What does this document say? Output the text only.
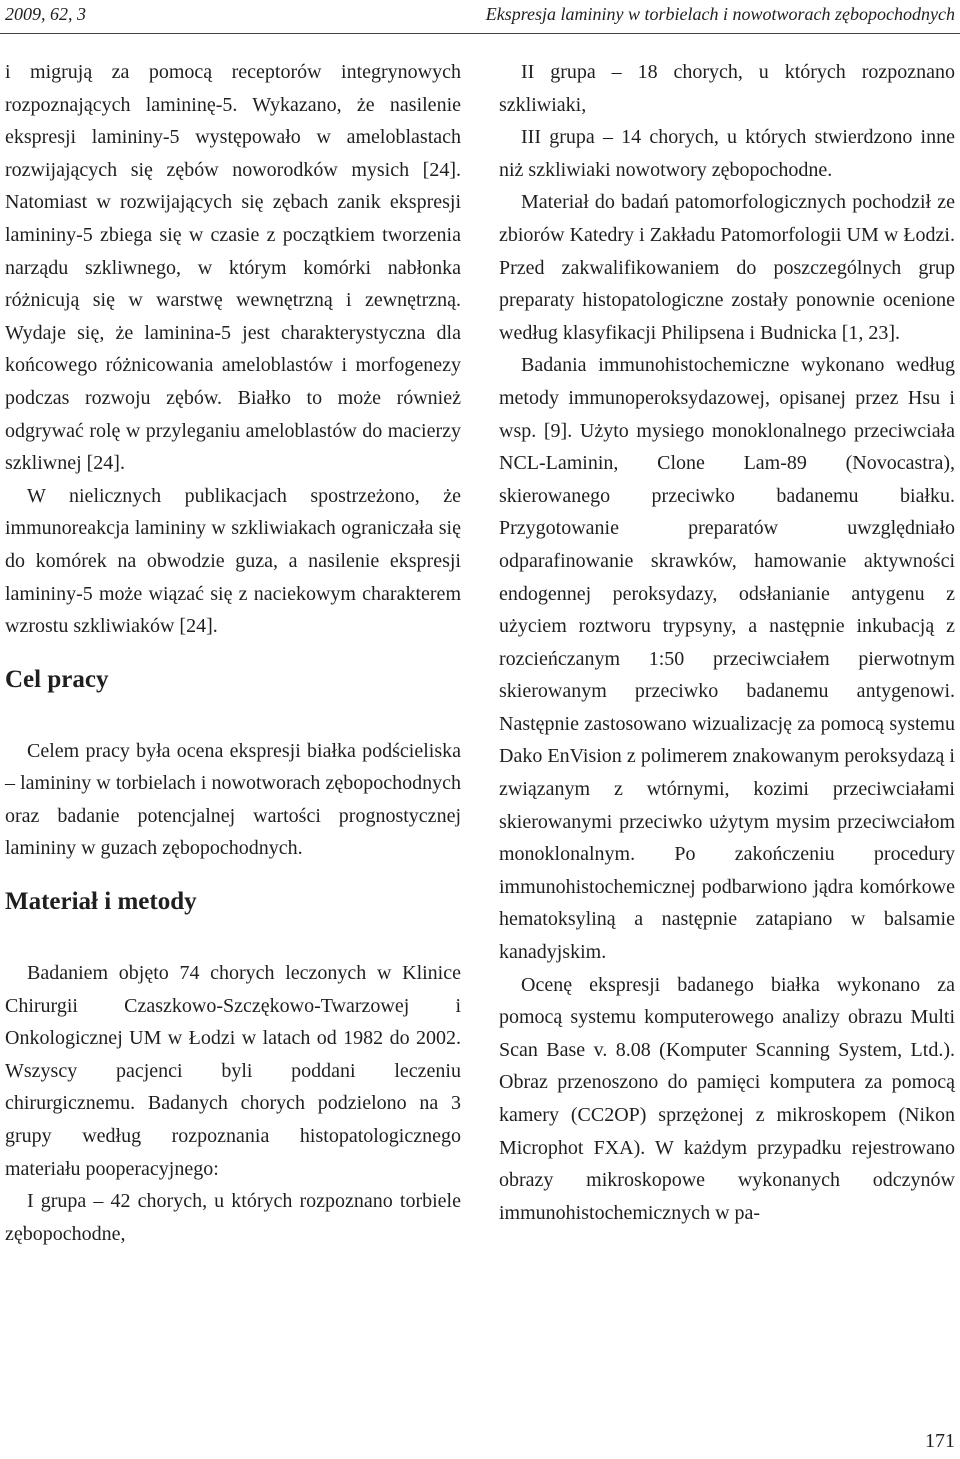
2009, 62, 3	Ekspresja lamininy w torbielach i nowotworach zębopochodnych

i migrują za pomocą receptorów integrynowych rozpoznających lamininę-5. Wykazano, że nasilenie ekspresji lamininy-5 występowało w ameloblastach rozwijających się zębów noworodków mysich [24]. Natomiast w rozwijających się zębach zanik ekspresji lamininy-5 zbiega się w czasie z początkiem tworzenia narządu szkliwnego, w którym komórki nabłonka różnicują się w warstwę wewnętrzną i zewnętrzną. Wydaje się, że laminina-5 jest charakterystyczna dla końcowego różnicowania ameloblastów i morfogenezy podczas rozwoju zębów. Białko to może również odgrywać rolę w przyleganiu ameloblastów do macierzy szkliwnej [24].

W nielicznych publikacjach spostrzeżono, że immunoreakcja lamininy w szkliwiakach ograniczała się do komórek na obwodzie guza, a nasilenie ekspresji lamininy-5 może wiązać się z naciekowym charakterem wzrostu szkliwiaków [24].

Cel pracy

Celem pracy była ocena ekspresji białka podścieliska – lamininy w torbielach i nowotworach zębopochodnych oraz badanie potencjalnej wartości prognostycznej lamininy w guzach zębopochodnych.

Materiał i metody

Badaniem objęto 74 chorych leczonych w Klinice Chirurgii Czaszkowo-Szczękowo-Twarzowej i Onkologicznej UM w Łodzi w latach od 1982 do 2002. Wszyscy pacjenci byli poddani leczeniu chirurgicznemu. Badanych chorych podzielono na 3 grupy według rozpoznania histopatologicznego materiału pooperacyjnego:

I grupa – 42 chorych, u których rozpoznano torbiele zębopochodne,

II grupa – 18 chorych, u których rozpoznano szkliwiaki,

III grupa – 14 chorych, u których stwierdzono inne niż szkliwiaki nowotwory zębopochodne.

Materiał do badań patomorfologicznych pochodził ze zbiorów Katedry i Zakładu Patomorfologii UM w Łodzi. Przed zakwalifikowaniem do poszczególnych grup preparaty histopatologiczne zostały ponownie ocenione według klasyfikacji Philipsena i Budnicka [1, 23].

Badania immunohistochemiczne wykonano według metody immunoperoksydazowej, opisanej przez Hsu i wsp. [9]. Użyto mysiego monoklonalnego przeciwciała NCL-Laminin, Clone Lam-89 (Novocastra), skierowanego przeciwko badanemu białku. Przygotowanie preparatów uwzględniało odparafinowanie skrawków, hamowanie aktywności endogennej peroksydazy, odsłanianie antygenu z użyciem roztworu trypsyny, a następnie inkubacją z rozcieńczanym 1:50 przeciwciałem pierwotnym skierowanym przeciwko badanemu antygenowi. Następnie zastosowano wizualizację za pomocą systemu Dako EnVision z polimerem znakowanym peroksydazą i związanym z wtórnymi, kozimi przeciwciałami skierowanymi przeciwko użytym mysim przeciwciałom monoklonalnym. Po zakończeniu procedury immunohistochemicznej podbarwiono jądra komórkowe hematoksyliną a następnie zatapiano w balsamie kanadyjskim.

Ocenę ekspresji badanego białka wykonano za pomocą systemu komputerowego analizy obrazu Multi Scan Base v. 8.08 (Komputer Scanning System, Ltd.). Obraz przenoszono do pamięci komputera za pomocą kamery (CC2OP) sprzężonej z mikroskopem (Nikon Microphot FXA). W każdym przypadku rejestrowano obrazy mikroskopowe wykonanych odczynów immunohistochemicznych w pa-

171
